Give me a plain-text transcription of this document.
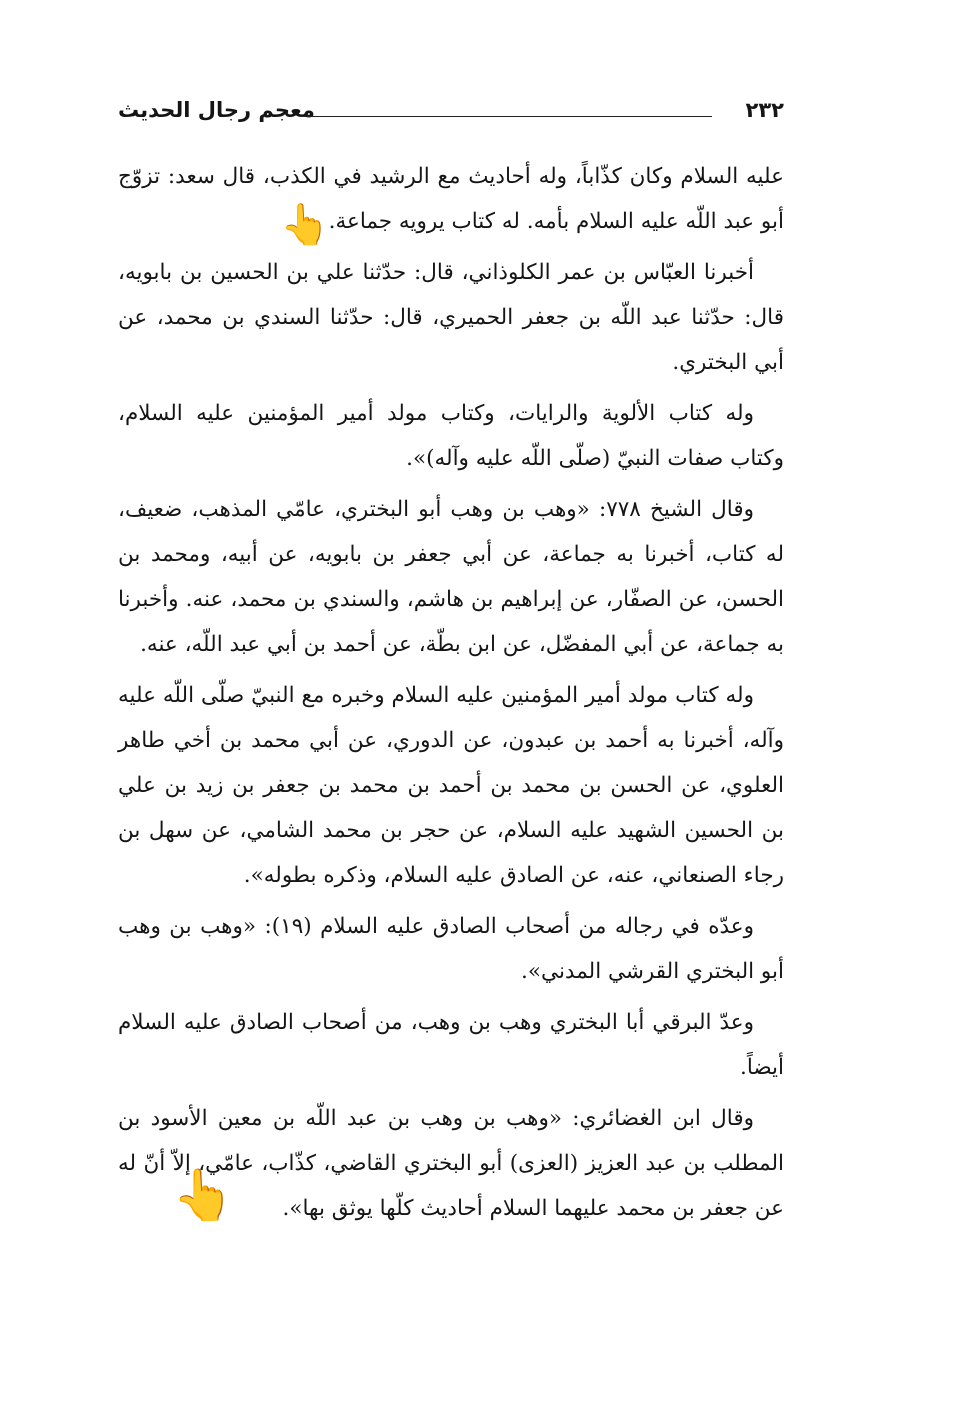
معجم رجال الحديث	٢٣٢

عليه السلام وكان كذّاباً، وله أحاديث مع الرشيد في الكذب، قال سعد: تزوّج أبو عبد اللّه عليه السلام بأمه. له كتاب يرويه جماعة.

أخبرنا العبّاس بن عمر الكلوذاني، قال: حدّثنا علي بن الحسين بن بابويه، قال: حدّثنا عبد اللّه بن جعفر الحميري، قال: حدّثنا السندي بن محمد، عن أبي البختري.

وله كتاب الألوية والرايات، وكتاب مولد أمير المؤمنين عليه السلام، وكتاب صفات النبيّ (صلّى اللّه عليه وآله)».

وقال الشيخ ٧٧٨: «وهب بن وهب أبو البختري، عامّي المذهب، ضعيف، له كتاب، أخبرنا به جماعة، عن أبي جعفر بن بابويه، عن أبيه، ومحمد بن الحسن، عن الصفّار، عن إبراهيم بن هاشم، والسندي بن محمد، عنه. وأخبرنا به جماعة، عن أبي المفضّل، عن ابن بطّة، عن أحمد بن أبي عبد اللّه، عنه.

وله كتاب مولد أمير المؤمنين عليه السلام وخبره مع النبيّ صلّى اللّه عليه وآله، أخبرنا به أحمد بن عبدون، عن الدوري، عن أبي محمد بن أخي طاهر العلوي، عن الحسن بن محمد بن أحمد بن محمد بن جعفر بن زيد بن علي بن الحسين الشهيد عليه السلام، عن حجر بن محمد الشامي، عن سهل بن رجاء الصنعاني، عنه، عن الصادق عليه السلام، وذكره بطوله».

وعدّه في رجاله من أصحاب الصادق عليه السلام (١٩): «وهب بن وهب أبو البختري القرشي المدني».

وعدّ البرقي أبا البختري وهب بن وهب، من أصحاب الصادق عليه السلام أيضاً.

وقال ابن الغضائري: «وهب بن وهب بن عبد اللّه بن معين الأسود بن المطلب بن عبد العزيز (العزى) أبو البختري القاضي، كذّاب، عامّي، إلاّ أنّ له عن جعفر بن محمد عليهما السلام أحاديث كلّها يوثق بها».

👆
👆
